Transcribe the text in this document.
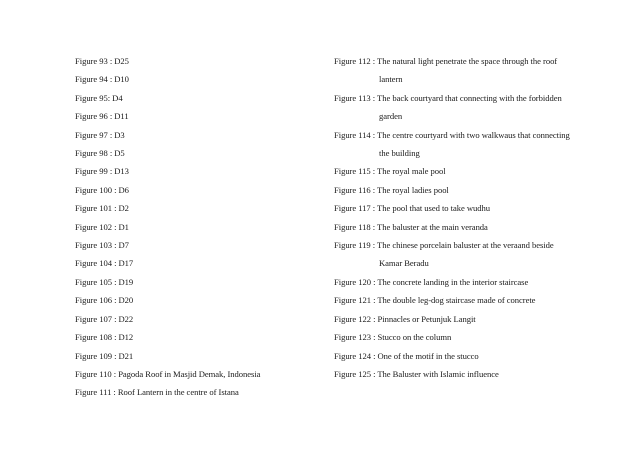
Figure 93 : D25
Figure 94 : D10
Figure 95: D4
Figure 96 : D11
Figure 97 : D3
Figure 98 : D5
Figure 99 : D13
Figure 100 : D6
Figure 101 : D2
Figure 102 : D1
Figure 103 : D7
Figure 104 : D17
Figure 105 : D19
Figure 106 : D20
Figure 107 : D22
Figure 108 : D12
Figure 109 : D21
Figure 110 : Pagoda Roof in Masjid Demak, Indonesia
Figure 111 : Roof Lantern in the centre of Istana
Figure 112 : The natural light penetrate the space through the roof
lantern
Figure 113 : The back courtyard that connecting with the forbidden
garden
Figure 114 : The centre courtyard with two walkwaus that connecting
the building
Figure 115 : The royal male pool
Figure 116 : The royal ladies pool
Figure 117 : The pool that used to take wudhu
Figure 118 : The baluster at the main veranda
Figure 119 : The chinese porcelain baluster at the veraand beside
Kamar Beradu
Figure 120 : The concrete landing in the interior staircase
Figure 121 : The double leg-dog staircase made of concrete
Figure 122 : Pinnacles or Petunjuk Langit
Figure 123 : Stucco on the column
Figure 124 : One of the motif in the stucco
Figure 125 : The Baluster with Islamic influence
